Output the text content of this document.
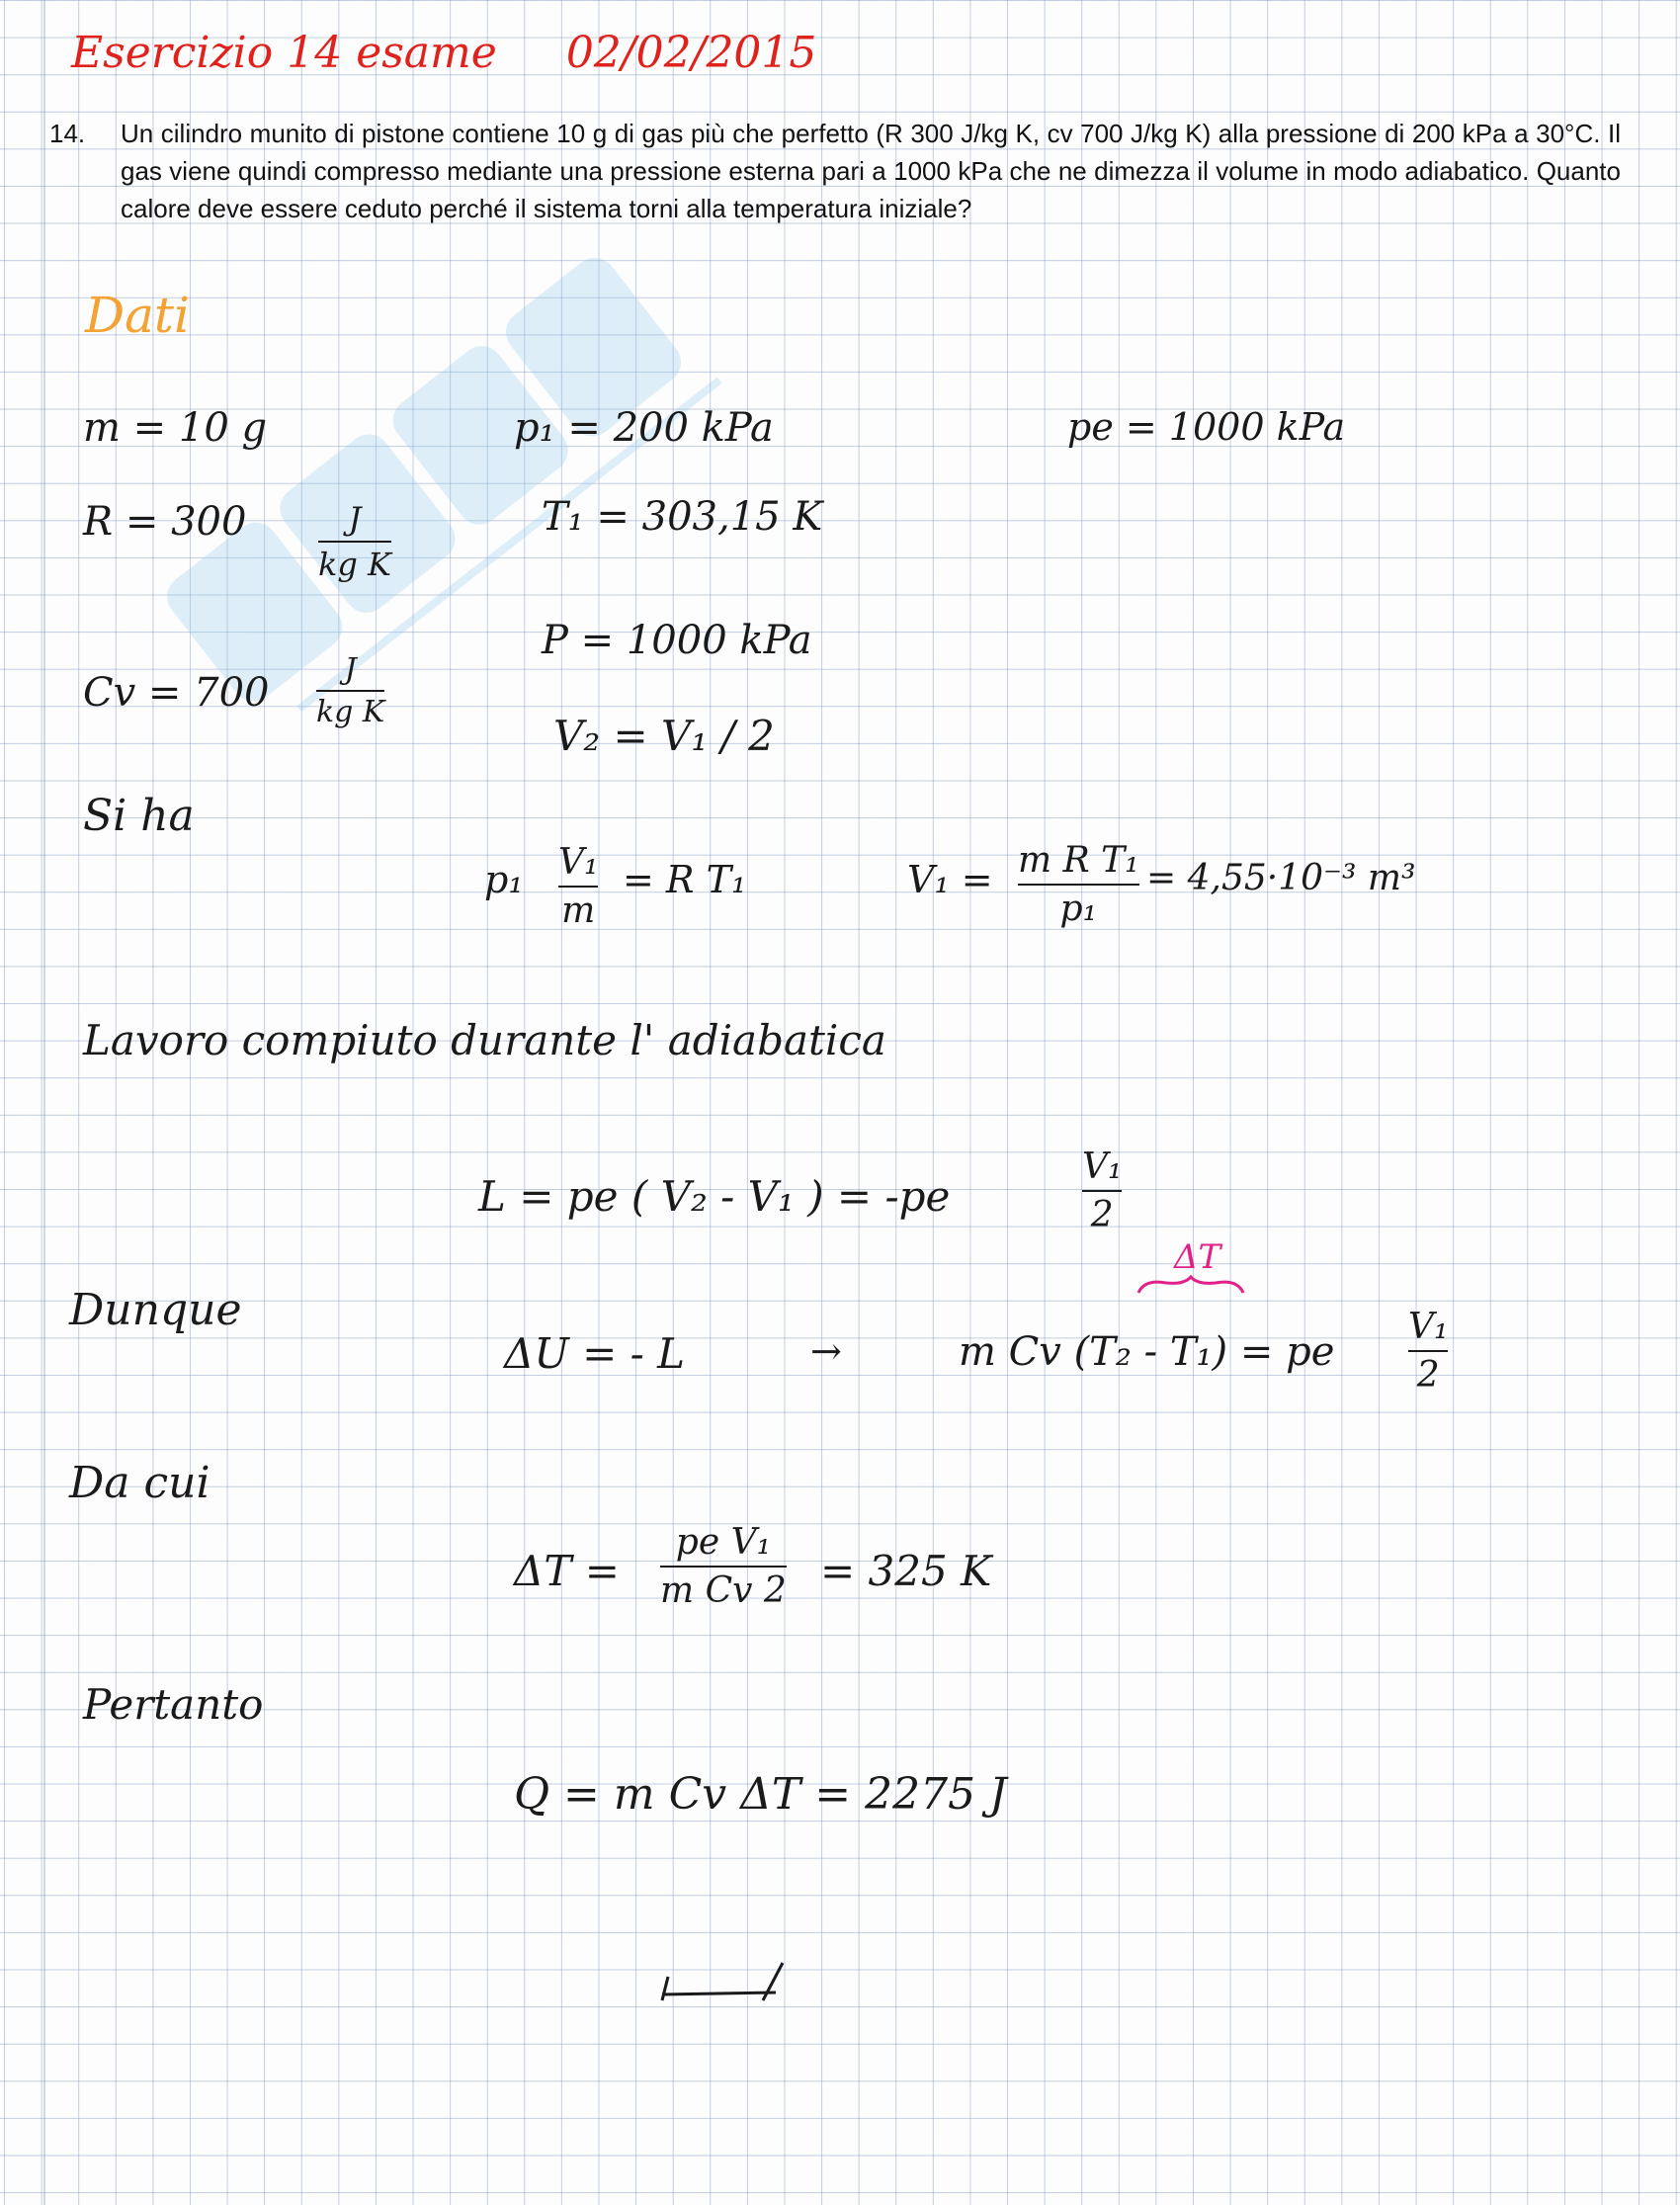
Esercizio 14 esame 02/02/2015
14. Un cilindro munito di pistone contiene 10 g di gas più che perfetto (R 300 J/kg K, cv 700 J/kg K) alla pressione di 200 kPa a 30°C. Il gas viene quindi compresso mediante una pressione esterna pari a 1000 kPa che ne dimezza il volume in modo adiabatico. Quanto calore deve essere ceduto perché il sistema torni alla temperatura iniziale?
Dati
m = 10 g
R = 300	J
kg K
Cv = 700
J
kg K
p₁ = 200 kPa
T₁ = 303,15 K
P = 1000 kPa
V₂ = V₁ / 2
pe = 1000 kPa
Si ha
p₁ V₁
m
= R T₁	V₁ = m R T₁
p₁
= 4,55·10⁻³ m³
Lavoro compiuto durante l' adiabatica
L = pe ( V₂ - V₁ ) = -pe
V₁
2
Dunque
ΔU = - L	→
ΔT
m Cv (T₂ - T₁) = pe
V₁
2
Da cui
ΔT =
pe V₁
m Cv 2 = 325 K
Pertanto
Q = m Cv ΔT = 2275 J
